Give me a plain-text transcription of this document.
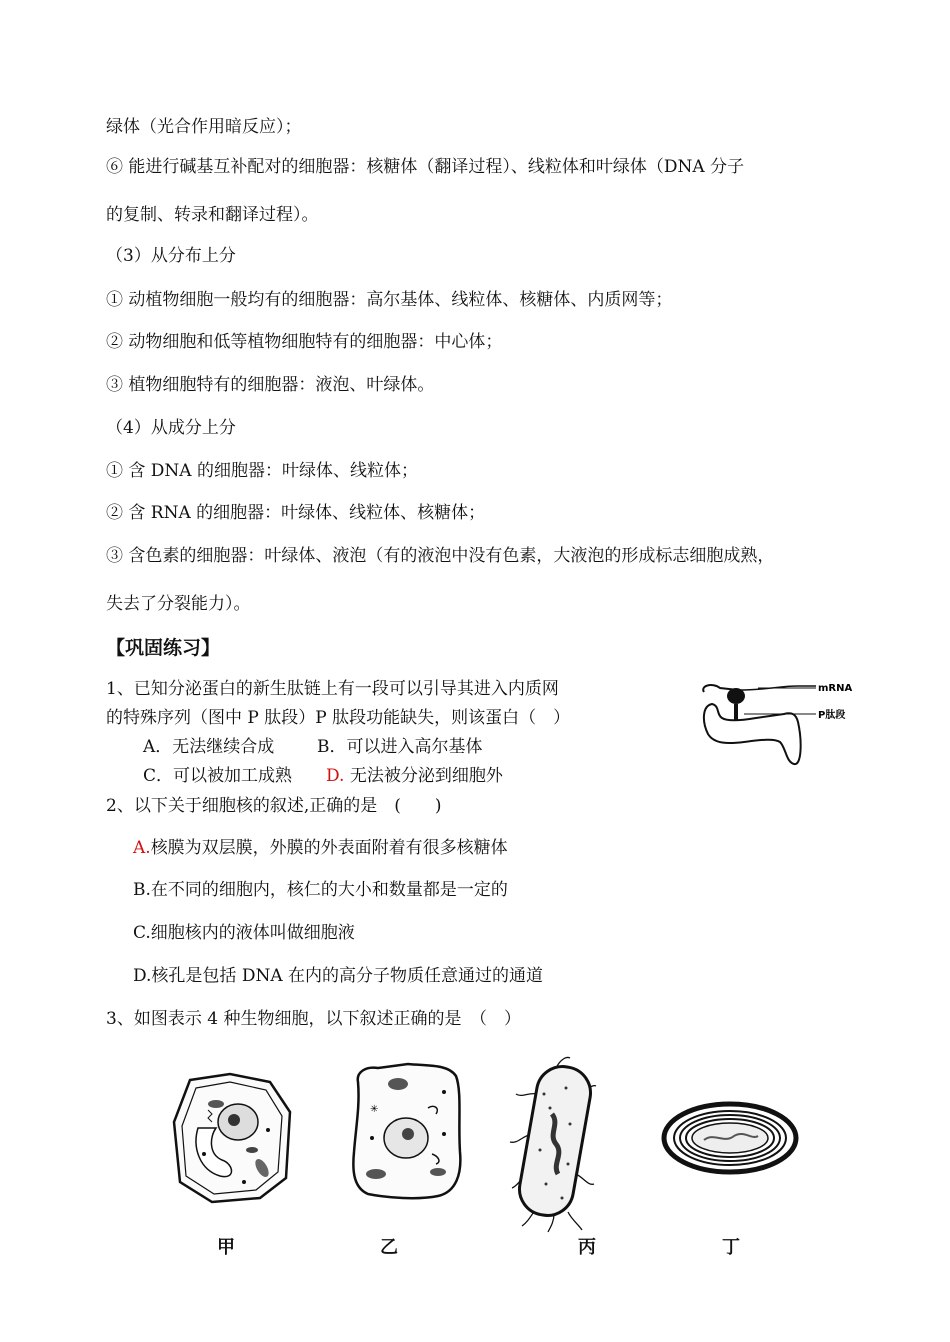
绿体（光合作用暗反应）；
⑥ 能进行碱基互补配对的细胞器：核糖体（翻译过程）、线粒体和叶绿体（DNA 分子
的复制、转录和翻译过程）。
（3）从分布上分
① 动植物细胞一般均有的细胞器：高尔基体、线粒体、核糖体、内质网等；
② 动物细胞和低等植物细胞特有的细胞器：中心体；
③ 植物细胞特有的细胞器：液泡、叶绿体。
（4）从成分上分
① 含 DNA 的细胞器：叶绿体、线粒体；
② 含 RNA 的细胞器：叶绿体、线粒体、核糖体；
③ 含色素的细胞器：叶绿体、液泡（有的液泡中没有色素，大液泡的形成标志细胞成熟，
失去了分裂能力）。
【巩固练习】
1、已知分泌蛋白的新生肽链上有一段可以引导其进入内质网
的特殊序列（图中 P 肽段）P 肽段功能缺失，则该蛋白（　）
A．无法继续合成	B．可以进入高尔基体
C．可以被加工成熟 D. 无法被分泌到细胞外
mRNA
P肽段
2、以下关于细胞核的叙述,正确的是　(　　)
A.核膜为双层膜，外膜的外表面附着有很多核糖体
B.在不同的细胞内，核仁的大小和数量都是一定的
C.细胞核内的液体叫做细胞液
D.核孔是包括 DNA 在内的高分子物质任意通过的通道
3、如图表示 4 种生物细胞，以下叙述正确的是　（　）
✳
甲	乙	丙	丁
